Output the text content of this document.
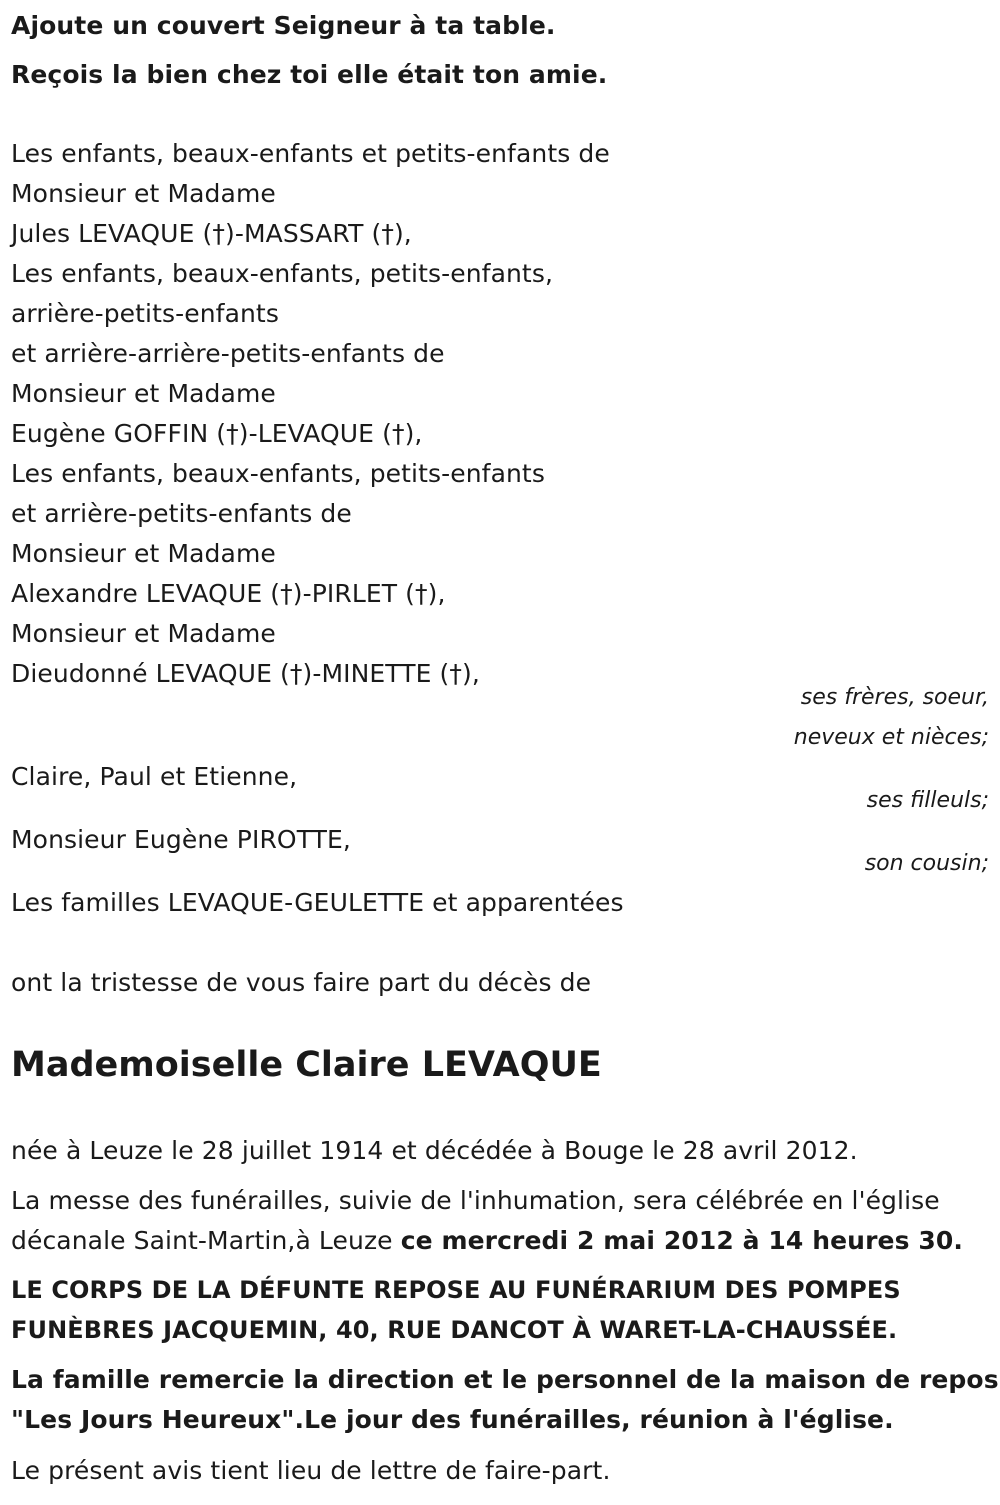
Ajoute un couvert Seigneur à ta table.
Reçois la bien chez toi elle était ton amie.
Les enfants, beaux-enfants et petits-enfants de
Monsieur et Madame
Jules LEVAQUE (†)-MASSART (†),
Les enfants, beaux-enfants, petits-enfants,
arrière-petits-enfants
et arrière-arrière-petits-enfants de
Monsieur et Madame
Eugène GOFFIN (†)-LEVAQUE (†),
Les enfants, beaux-enfants, petits-enfants
et arrière-petits-enfants de
Monsieur et Madame
Alexandre LEVAQUE (†)-PIRLET (†),
Monsieur et Madame
Dieudonné LEVAQUE (†)-MINETTE (†),
ses frères, soeur,
neveux et nièces;
Claire, Paul et Etienne,
ses filleuls;
Monsieur Eugène PIROTTE,
son cousin;
Les familles LEVAQUE-GEULETTE et apparentées
ont la tristesse de vous faire part du décès de
Mademoiselle Claire LEVAQUE
née à Leuze le 28 juillet 1914 et décédée à Bouge le 28 avril 2012.
La messe des funérailles, suivie de l'inhumation, sera célébrée en l'église
décanale Saint-Martin,à Leuze ce mercredi 2 mai 2012 à 14 heures 30.
LE CORPS DE LA DÉFUNTE REPOSE AU FUNÉRARIUM DES POMPES
FUNÈBRES JACQUEMIN, 40, RUE DANCOT À WARET-LA-CHAUSSÉE.
La famille remercie la direction et le personnel de la maison de repos
"Les Jours Heureux".Le jour des funérailles, réunion à l'église.
Le présent avis tient lieu de lettre de faire-part.
